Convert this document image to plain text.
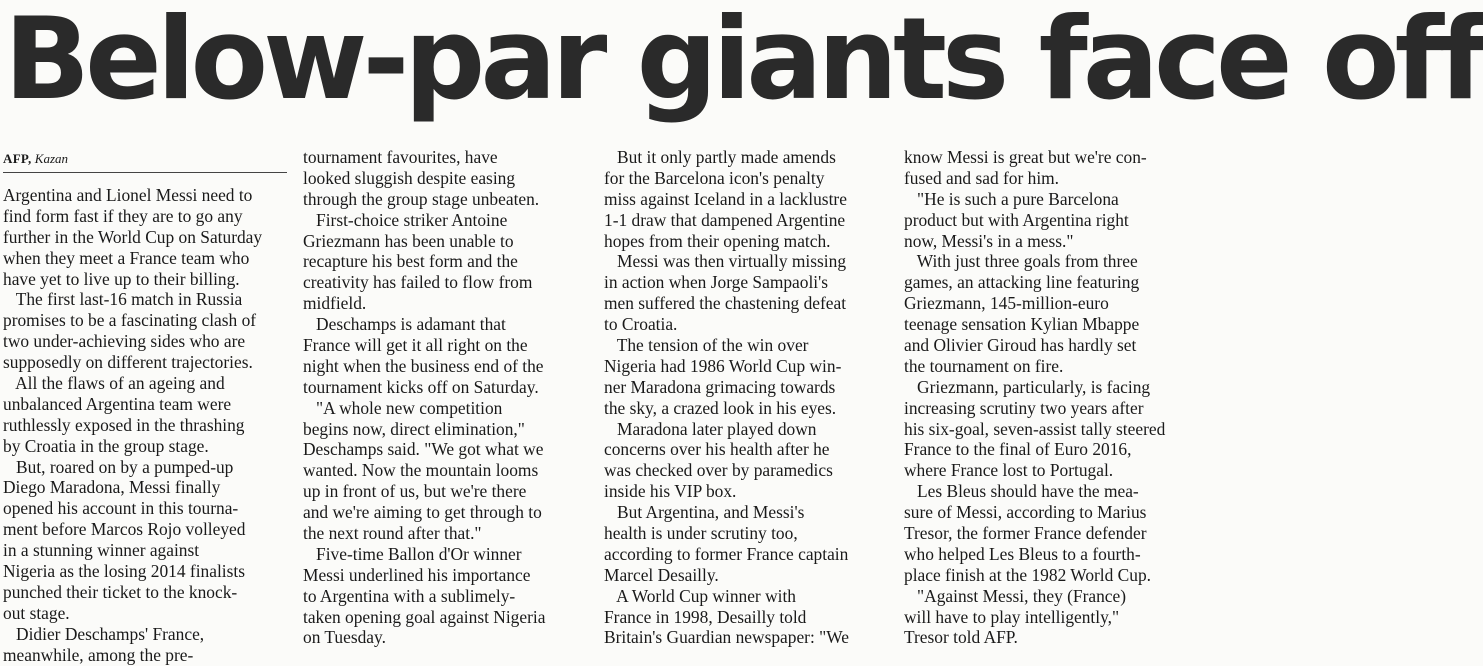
Below-par giants face off
AFP, Kazan
Argentina and Lionel Messi need to
find form fast if they are to go any
further in the World Cup on Saturday
when they meet a France team who
have yet to live up to their billing.
The first last-16 match in Russia
promises to be a fascinating clash of
two under-achieving sides who are
supposedly on different trajectories.
All the flaws of an ageing and
unbalanced Argentina team were
ruthlessly exposed in the thrashing
by Croatia in the group stage.
But, roared on by a pumped-up
Diego Maradona, Messi finally
opened his account in this tourna-
ment before Marcos Rojo volleyed
in a stunning winner against
Nigeria as the losing 2014 finalists
punched their ticket to the knock-
out stage.
Didier Deschamps' France,
meanwhile, among the pre-
tournament favourites, have
looked sluggish despite easing
through the group stage unbeaten.
First-choice striker Antoine
Griezmann has been unable to
recapture his best form and the
creativity has failed to flow from
midfield.
Deschamps is adamant that
France will get it all right on the
night when the business end of the
tournament kicks off on Saturday.
"A whole new competition
begins now, direct elimination,"
Deschamps said. "We got what we
wanted. Now the mountain looms
up in front of us, but we're there
and we're aiming to get through to
the next round after that."
Five-time Ballon d'Or winner
Messi underlined his importance
to Argentina with a sublimely-
taken opening goal against Nigeria
on Tuesday.
But it only partly made amends
for the Barcelona icon's penalty
miss against Iceland in a lacklustre
1-1 draw that dampened Argentine
hopes from their opening match.
Messi was then virtually missing
in action when Jorge Sampaoli's
men suffered the chastening defeat
to Croatia.
The tension of the win over
Nigeria had 1986 World Cup win-
ner Maradona grimacing towards
the sky, a crazed look in his eyes.
Maradona later played down
concerns over his health after he
was checked over by paramedics
inside his VIP box.
But Argentina, and Messi's
health is under scrutiny too,
according to former France captain
Marcel Desailly.
A World Cup winner with
France in 1998, Desailly told
Britain's Guardian newspaper: "We
know Messi is great but we're con-
fused and sad for him.
"He is such a pure Barcelona
product but with Argentina right
now, Messi's in a mess."
With just three goals from three
games, an attacking line featuring
Griezmann, 145-million-euro
teenage sensation Kylian Mbappe
and Olivier Giroud has hardly set
the tournament on fire.
Griezmann, particularly, is facing
increasing scrutiny two years after
his six-goal, seven-assist tally steered
France to the final of Euro 2016,
where France lost to Portugal.
Les Bleus should have the mea-
sure of Messi, according to Marius
Tresor, the former France defender
who helped Les Bleus to a fourth-
place finish at the 1982 World Cup.
"Against Messi, they (France)
will have to play intelligently,"
Tresor told AFP.
